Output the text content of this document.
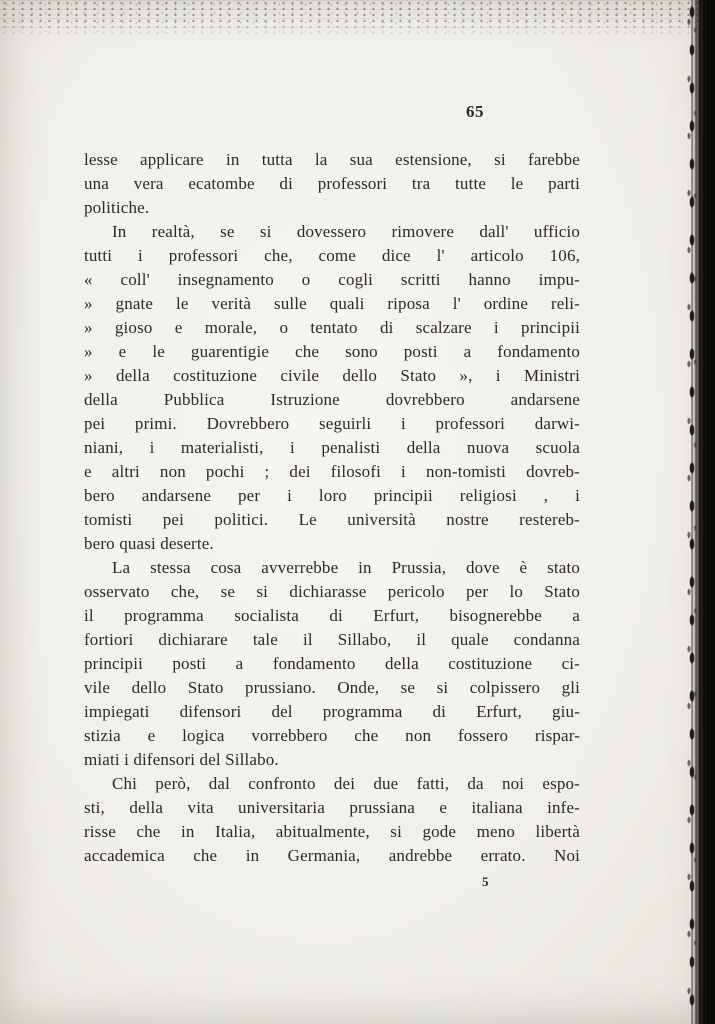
65
lesse applicare in tutta la sua estensione, si farebbe
una vera ecatombe di professori tra tutte le parti
politiche.
In realtà, se si dovessero rimovere dall' ufficio
tutti i professori che, come dice l' articolo 106,
« coll' insegnamento o cogli scritti hanno impu-
» gnate le verità sulle quali riposa l' ordine reli-
» gioso e morale, o tentato di scalzare i principii
» e le guarentigie che sono posti a fondamento
» della costituzione civile dello Stato », i Ministri
della Pubblica Istruzione dovrebbero andarsene
pei primi. Dovrebbero seguirli i professori darwi-
niani, i materialisti, i penalisti della nuova scuola
e altri non pochi ; dei filosofi i non-tomisti dovreb-
bero andarsene per i loro principii religiosi , i
tomisti pei politici. Le università nostre restereb-
bero quasi deserte.
La stessa cosa avverrebbe in Prussia, dove è stato
osservato che, se si dichiarasse pericolo per lo Stato
il programma socialista di Erfurt, bisognerebbe a
fortiori dichiarare tale il Sillabo, il quale condanna
principii posti a fondamento della costituzione ci-
vile dello Stato prussiano. Onde, se si colpissero gli
impiegati difensori del programma di Erfurt, giu-
stizia e logica vorrebbero che non fossero rispar-
miati i difensori del Sillabo.
Chi però, dal confronto dei due fatti, da noi espo-
sti, della vita universitaria prussiana e italiana infe-
risse che in Italia, abitualmente, si gode meno libertà
accademica che in Germania, andrebbe errato. Noi
5
